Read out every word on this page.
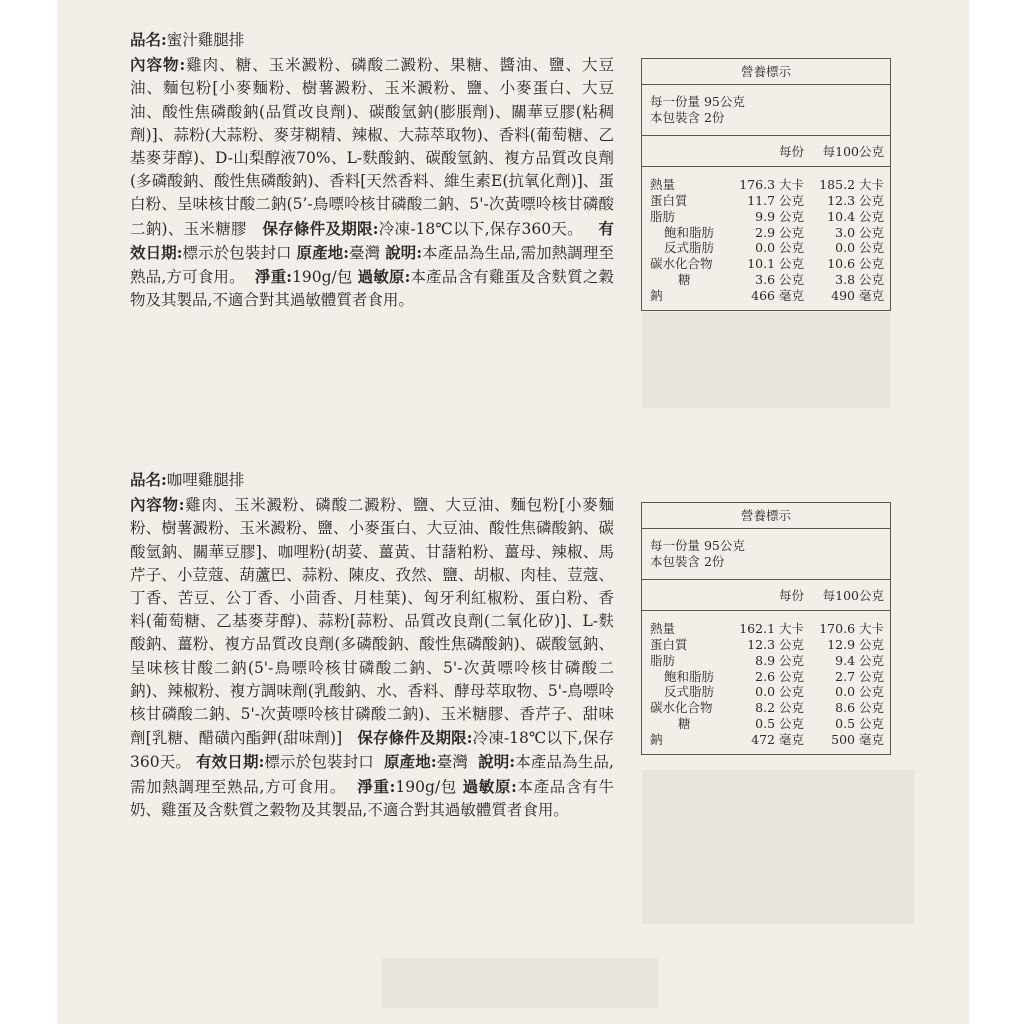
品名:蜜汁雞腿排

內容物:雞肉、糖、玉米澱粉、磷酸二澱粉、果糖、醬油、鹽、大豆油、麵包粉[小麥麵粉、樹薯澱粉、玉米澱粉、鹽、小麥蛋白、大豆油、酸性焦磷酸鈉(品質改良劑)、碳酸氫鈉(膨脹劑)、關華豆膠(粘稠劑)]、蒜粉(大蒜粉、麥芽糊精、辣椒、大蒜萃取物)、香料(葡萄糖、乙基麥芽醇)、D-山梨醇液70%、L-麩酸鈉、碳酸氫鈉、複方品質改良劑(多磷酸鈉、酸性焦磷酸鈉)、香料[天然香料、維生素E(抗氧化劑)]、蛋白粉、呈味核甘酸二鈉(5’-鳥嘌呤核甘磷酸二鈉、5'-次黃嘌呤核甘磷酸二鈉)、玉米糖膠 保存條件及期限:冷凍-18℃以下,保存360天。 有效日期:標示於包裝封口 原產地:臺灣 說明:本產品為生品,需加熱調理至熟品,方可食用。 淨重:190g/包 過敏原:本產品含有雞蛋及含麩質之穀物及其製品,不適合對其過敏體質者食用。

營養標示
每一份量 95公克
本包裝含 2份
每份	每100公克
熱量	176.3 大卡	185.2 大卡
蛋白質	11.7 公克	12.3 公克
脂肪	9.9 公克	10.4 公克
飽和脂肪	2.9 公克	3.0 公克
反式脂肪	0.0 公克	0.0 公克
碳水化合物	10.1 公克	10.6 公克
糖	3.6 公克	3.8 公克
鈉	466 毫克	490 毫克

品名:咖哩雞腿排

內容物:雞肉、玉米澱粉、磷酸二澱粉、鹽、大豆油、麵包粉[小麥麵粉、樹薯澱粉、玉米澱粉、鹽、小麥蛋白、大豆油、酸性焦磷酸鈉、碳酸氫鈉、關華豆膠]、咖哩粉(胡荽、薑黃、甘藷粕粉、薑母、辣椒、馬芹子、小荳蔻、葫蘆巴、蒜粉、陳皮、孜然、鹽、胡椒、肉桂、荳蔻、丁香、苦豆、公丁香、小茴香、月桂葉)、匈牙利紅椒粉、蛋白粉、香料(葡萄糖、乙基麥芽醇)、蒜粉[蒜粉、品質改良劑(二氧化矽)]、L-麩酸鈉、薑粉、複方品質改良劑(多磷酸鈉、酸性焦磷酸鈉)、碳酸氫鈉、呈味核甘酸二鈉(5'-鳥嘌呤核甘磷酸二鈉、5'-次黃嘌呤核甘磷酸二鈉)、辣椒粉、複方調味劑(乳酸鈉、水、香料、酵母萃取物、5'-鳥嘌呤核甘磷酸二鈉、5'-次黃嘌呤核甘磷酸二鈉)、玉米糖膠、香芹子、甜味劑[乳糖、醋磺內酯鉀(甜味劑)] 保存條件及期限:冷凍-18℃以下,保存360天。 有效日期:標示於包裝封口 原產地:臺灣 說明:本產品為生品,需加熱調理至熟品,方可食用。 淨重:190g/包 過敏原:本產品含有牛奶、雞蛋及含麩質之穀物及其製品,不適合對其過敏體質者食用。

營養標示
每一份量 95公克
本包裝含 2份
每份	每100公克
熱量	162.1 大卡	170.6 大卡
蛋白質	12.3 公克	12.9 公克
脂肪	8.9 公克	9.4 公克
飽和脂肪	2.6 公克	2.7 公克
反式脂肪	0.0 公克	0.0 公克
碳水化合物	8.2 公克	8.6 公克
糖	0.5 公克	0.5 公克
鈉	472 毫克	500 毫克
